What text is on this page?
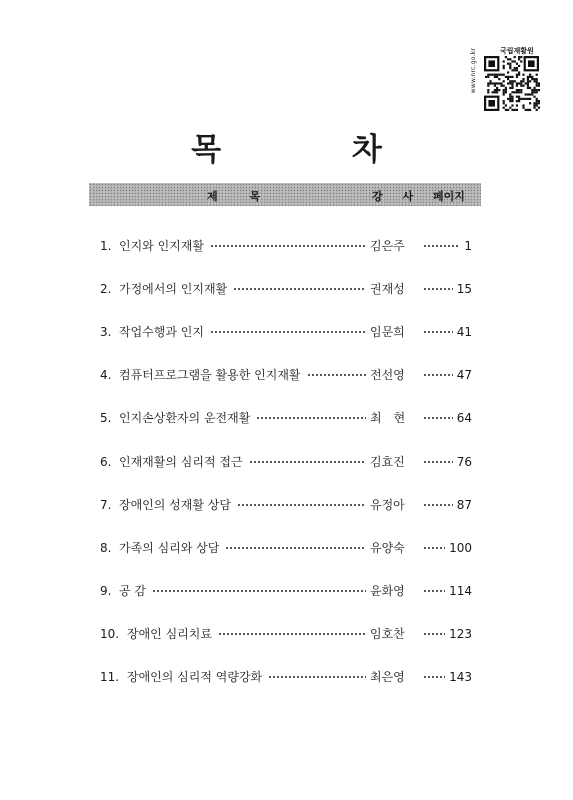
www.nrc.go.kr	국립재활원
목 차
제 목	강 사 페이지
1. 인지와 인지재활	김은주	1
2. 가정에서의 인지재활	권재성	15
3. 작업수행과 인지	임문희	41
4. 컴퓨터프로그램을 활용한 인지재활	전선영	47
5. 인지손상환자의 운전재활	최　현	64
6. 인재재활의 심리적 접근	김효진	76
7. 장애인의 성재활 상담	유정아	87
8. 가족의 심리와 상담	유양숙	100
9. 공 감	윤화영	114
10. 장애인 심리치료	임호찬	123
11. 장애인의 심리적 역량강화	최은영	143
